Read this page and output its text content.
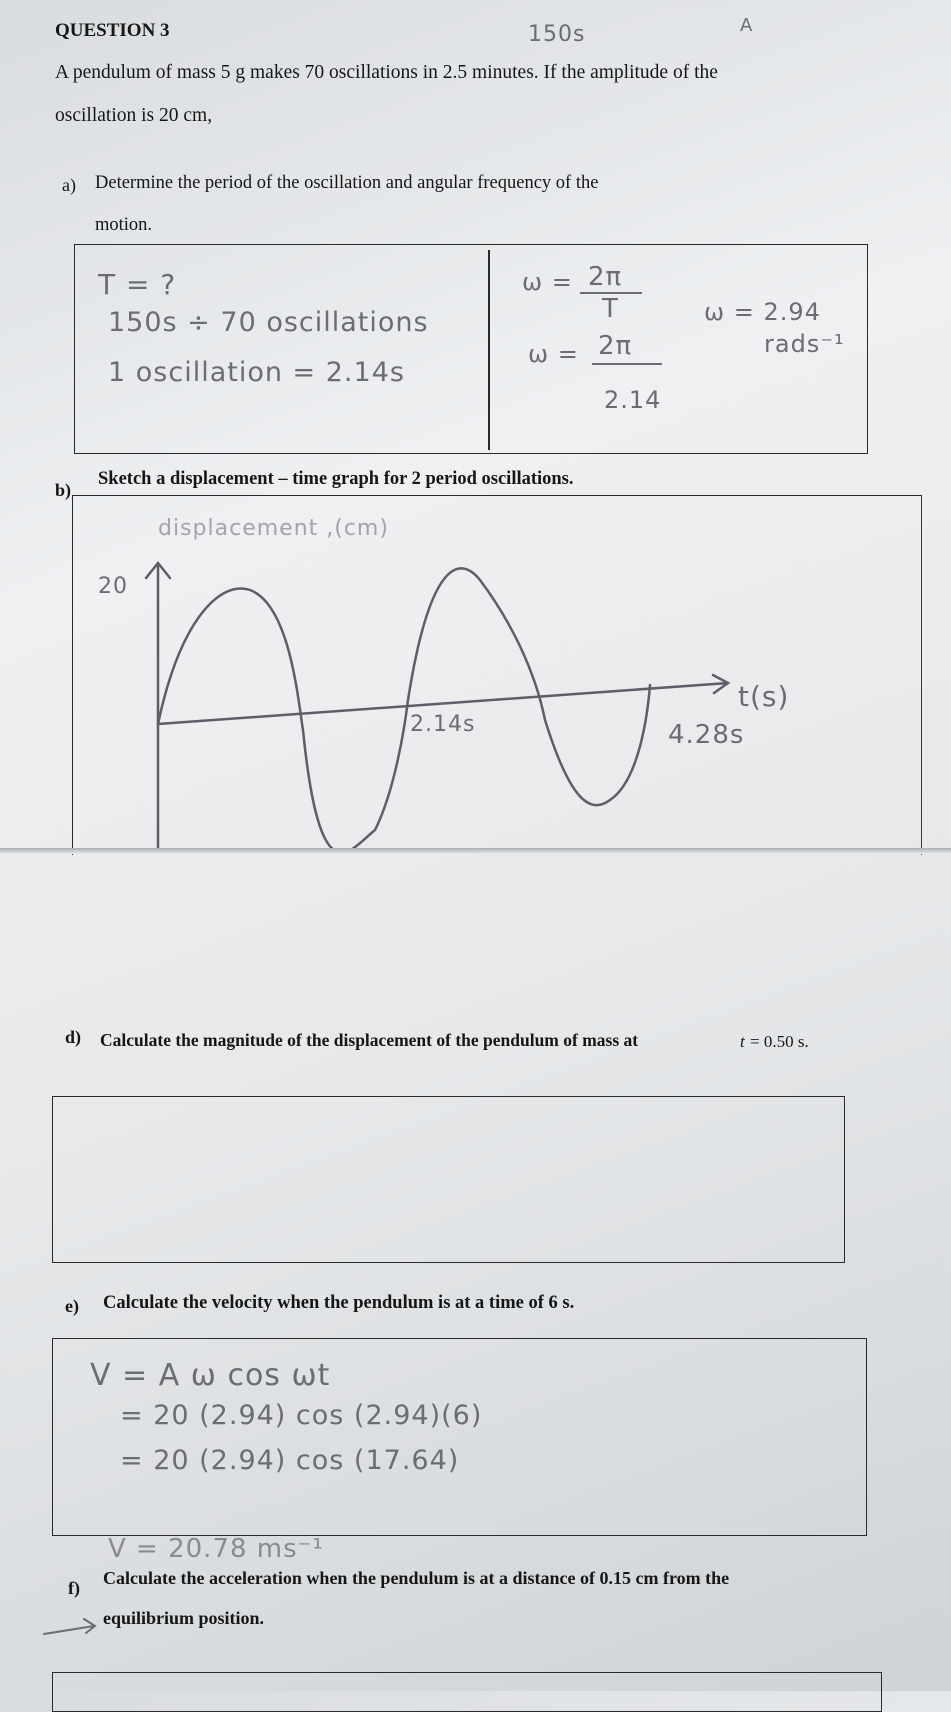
QUESTION 3	150s	A
A pendulum of mass 5 g makes 70 oscillations in 2.5 minutes. If the amplitude of the
oscillation is 20 cm,
a) Determine the period of the oscillation and angular frequency of the
motion.
T = ?
150s ÷ 70 oscillations
1 oscillation = 2.14s
ω = 2π
T
ω = 2π
2.14
ω = 2.94
rads⁻¹
b)
Sketch a displacement – time graph for 2 period oscillations.
displacement ,(cm)
20
t(s)
2.14s	4.28s
d) Calculate the magnitude of the displacement of the pendulum of mass at	t = 0.50 s.
e) Calculate the velocity when the pendulum is at a time of 6 s.
V = A ω cos ωt
= 20 (2.94) cos (2.94)(6)
= 20 (2.94) cos (17.64)
V = 20.78 ms⁻¹
f) Calculate the acceleration when the pendulum is at a distance of 0.15 cm from the
equilibrium position.
